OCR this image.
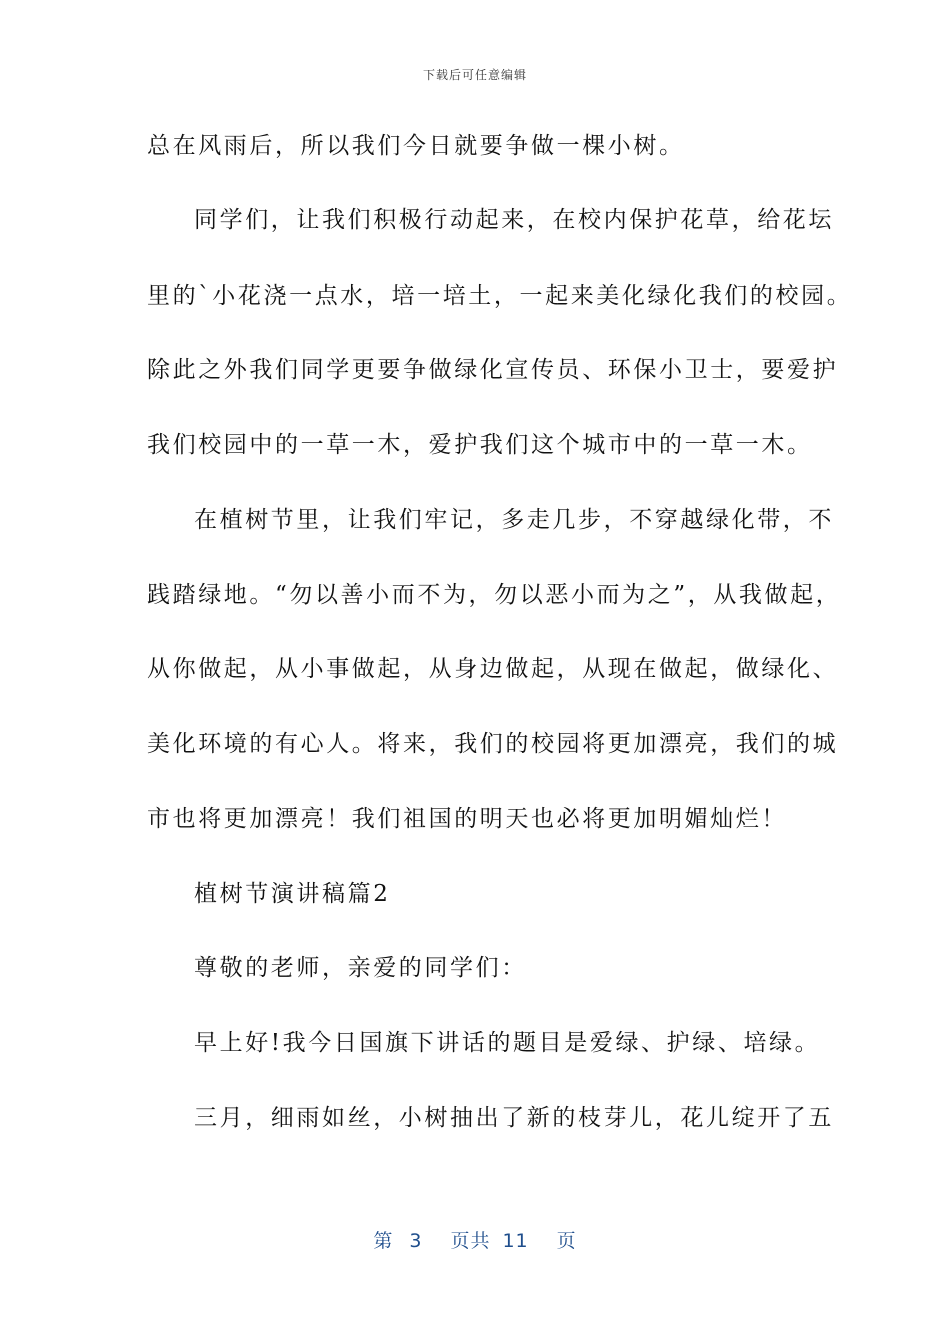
下载后可任意编辑
总在风雨后，所以我们今日就要争做一棵小树。
同学们，让我们积极行动起来，在校内保护花草，给花坛
里的`小花浇一点水，培一培土，一起来美化绿化我们的校园。
除此之外我们同学更要争做绿化宣传员、环保小卫士，要爱护
我们校园中的一草一木，爱护我们这个城市中的一草一木。
在植树节里，让我们牢记，多走几步，不穿越绿化带，不
践踏绿地。“勿以善小而不为，勿以恶小而为之”，从我做起，
从你做起，从小事做起，从身边做起，从现在做起，做绿化、
美化环境的有心人。将来，我们的校园将更加漂亮，我们的城
市也将更加漂亮！我们祖国的明天也必将更加明媚灿烂！
植树节演讲稿篇2
尊敬的老师，亲爱的同学们：
早上好!我今日国旗下讲话的题目是爱绿、护绿、培绿。
三月，细雨如丝，小树抽出了新的枝芽儿，花儿绽开了五
第 3 页共 11 页
